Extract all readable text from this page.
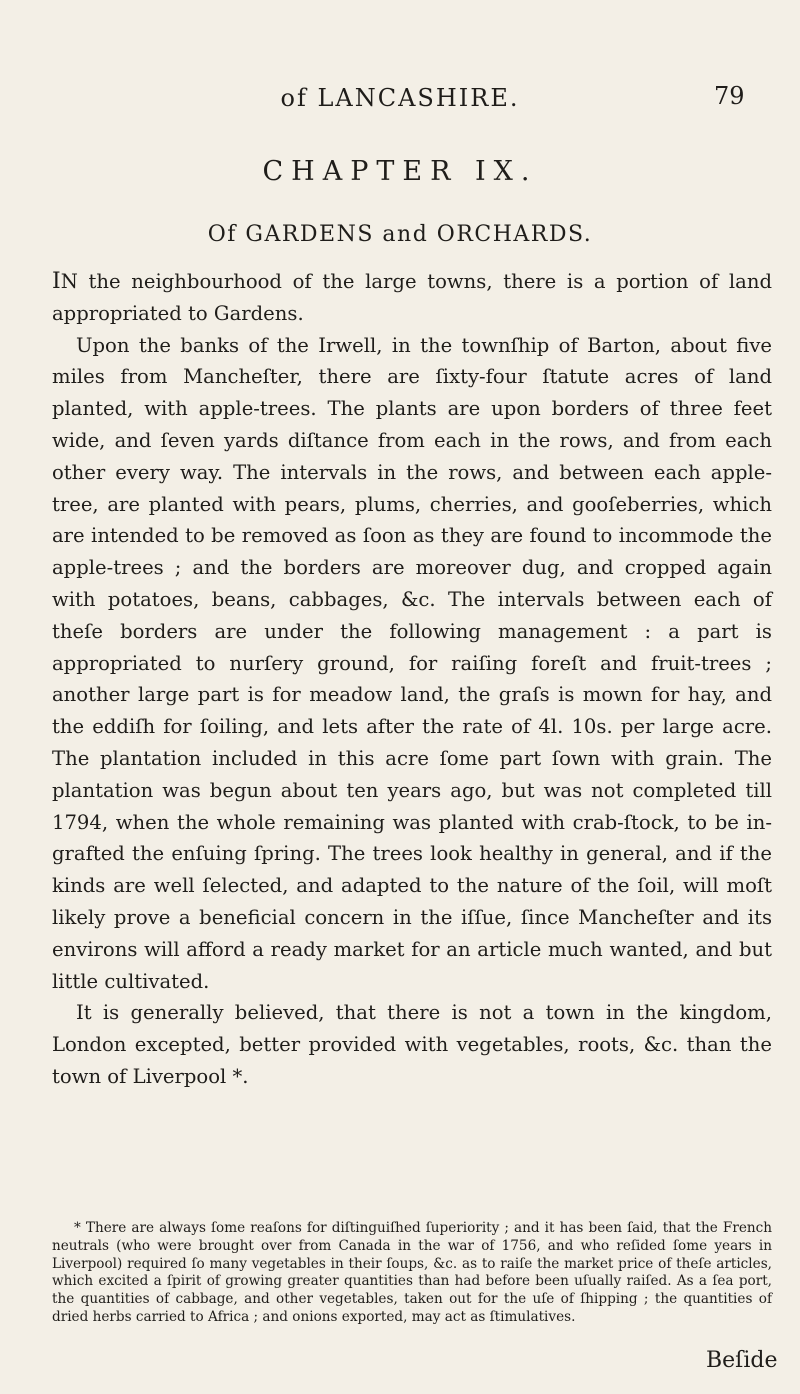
of LANCASHIRE.	79
CHAPTER IX.
Of GARDENS and ORCHARDS.

IN the neighbourhood of the large towns, there is a portion of land appropriated to Gardens.

Upon the banks of the Irwell, in the townſhip of Barton, about five miles from Mancheſter, there are ſixty-four ſtatute acres of land planted, with apple-trees. The plants are upon borders of three feet wide, and ſeven yards diſtance from each in the rows, and from each other every way. The intervals in the rows, and between each apple-tree, are planted with pears, plums, cherries, and gooſeberries, which are intended to be removed as ſoon as they are found to incommode the apple-trees ; and the borders are moreover dug, and cropped again with potatoes, beans, cabbages, &c. The intervals between each of theſe borders are under the following management : a part is appropriated to nurſery ground, for raiſing foreſt and fruit-trees ; another large part is for meadow land, the graſs is mown for hay, and the eddiſh for ſoiling, and lets after the rate of 4l. 10s. per large acre. The plantation included in this acre ſome part ſown with grain. The plantation was begun about ten years ago, but was not completed till 1794, when the whole remaining was planted with crab-ſtock, to be in-grafted the enſuing ſpring. The trees look healthy in general, and if the kinds are well ſelected, and adapted to the nature of the ſoil, will moſt likely prove a beneficial concern in the iſſue, ſince Mancheſter and its environs will afford a ready market for an article much wanted, and but little cultivated.

It is generally believed, that there is not a town in the kingdom, London excepted, better provided with vegetables, roots, &c. than the town of Liverpool *.

* There are always ſome reaſons for diſtinguiſhed ſuperiority ; and it has been ſaid, that the French neutrals (who were brought over from Canada in the war of 1756, and who reſided ſome years in Liverpool) required ſo many vegetables in their ſoups, &c. as to raiſe the market price of theſe articles, which excited a ſpirit of growing greater quantities than had before been uſually raiſed. As a ſea port, the quantities of cabbage, and other vegetables, taken out for the uſe of ſhipping ; the quantities of dried herbs carried to Africa ; and onions exported, may act as ſtimulatives.
Beſide
